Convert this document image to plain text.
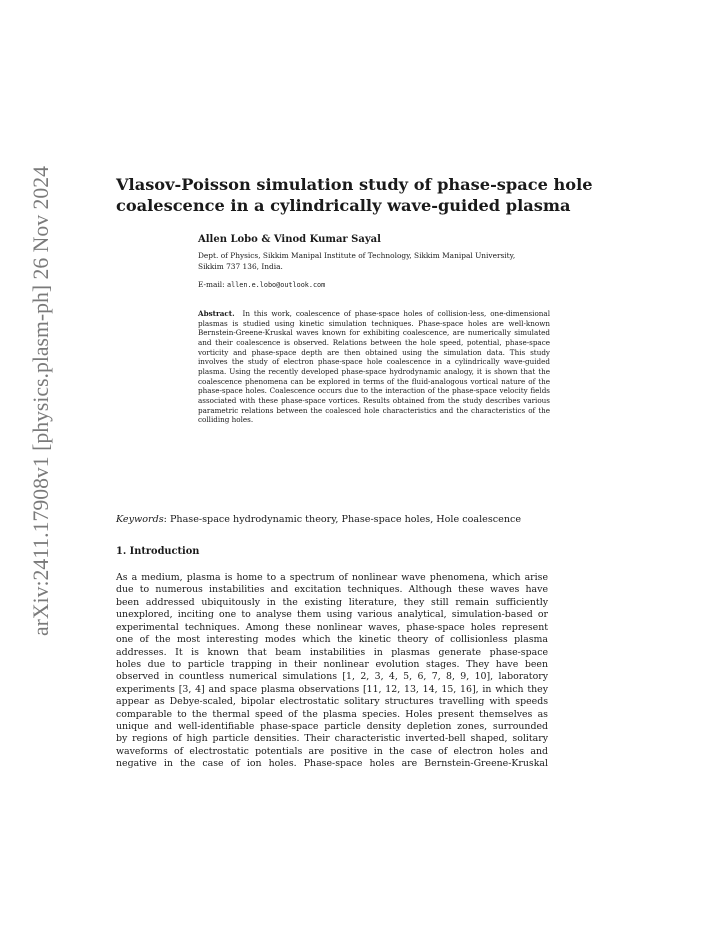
arXiv:2411.17908v1 [physics.plasm-ph] 26 Nov 2024	Vlasov-Poisson simulation study of phase-space hole
coalescence in a cylindrically wave-guided plasma

Allen Lobo & Vinod Kumar Sayal

Dept. of Physics, Sikkim Manipal Institute of Technology, Sikkim Manipal University, Sikkim 737 136, India.

E-mail: allen.e.lobo@outlook.com

Abstract. In this work, coalescence of phase-space holes of collision-less, one-dimensional plasmas is studied using kinetic simulation techniques. Phase-space holes are well-known Bernstein-Greene-Kruskal waves known for exhibiting coalescence, are numerically simulated and their coalescence is observed. Relations between the hole speed, potential, phase-space vorticity and phase-space depth are then obtained using the simulation data. This study involves the study of electron phase-space hole coalescence in a cylindrically wave-guided plasma. Using the recently developed phase-space hydrodynamic analogy, it is shown that the coalescence phenomena can be explored in terms of the fluid-analogous vortical nature of the phase-space holes. Coalescence occurs due to the interaction of the phase-space velocity fields associated with these phase-space vortices. Results obtained from the study describes various parametric relations between the coalesced hole characteristics and the characteristics of the colliding holes.

Keywords: Phase-space hydrodynamic theory, Phase-space holes, Hole coalescence

1. Introduction
As a medium, plasma is home to a spectrum of nonlinear wave phenomena, which arise
due to numerous instabilities and excitation techniques. Although these waves have
been addressed ubiquitously in the existing literature, they still remain sufficiently
unexplored, inciting one to analyse them using various analytical, simulation-based or
experimental techniques. Among these nonlinear waves, phase-space holes represent
one of the most interesting modes which the kinetic theory of collisionless plasma
addresses. It is known that beam instabilities in plasmas generate phase-space
holes due to particle trapping in their nonlinear evolution stages. They have been
observed in countless numerical simulations [1, 2, 3, 4, 5, 6, 7, 8, 9, 10], laboratory
experiments [3, 4] and space plasma observations [11, 12, 13, 14, 15, 16], in which they
appear as Debye-scaled, bipolar electrostatic solitary structures travelling with speeds
comparable to the thermal speed of the plasma species. Holes present themselves as
unique and well-identifiable phase-space particle density depletion zones, surrounded
by regions of high particle densities. Their characteristic inverted-bell shaped, solitary
waveforms of electrostatic potentials are positive in the case of electron holes and
negative in the case of ion holes. Phase-space holes are Bernstein-Greene-Kruskal
